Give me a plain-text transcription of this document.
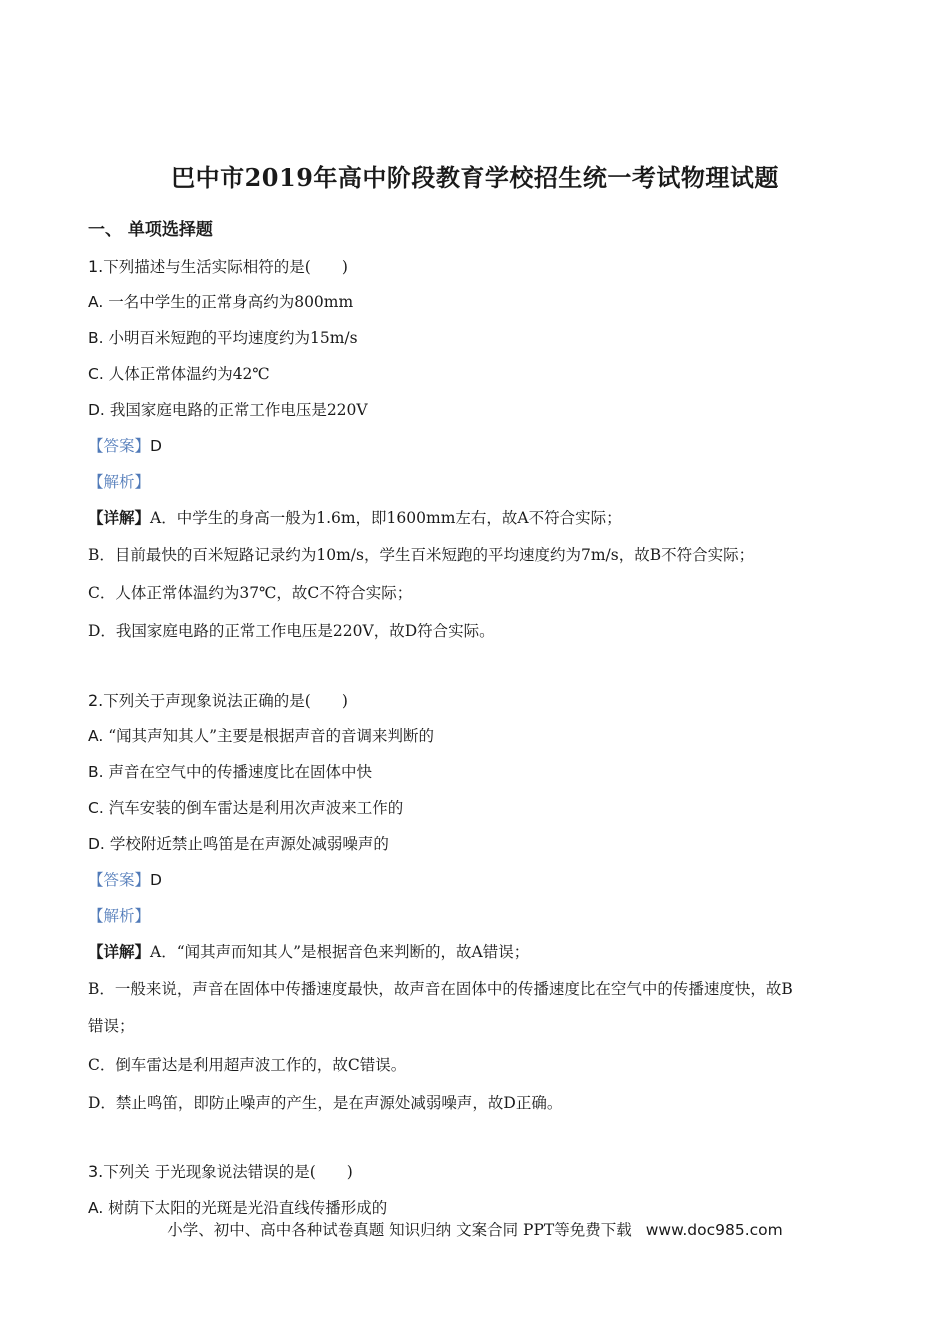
巴中市2019年高中阶段教育学校招生统一考试物理试题
一、 单项选择题
1.下列描述与生活实际相符的是(　　)
A. 一名中学生的正常身高约为800mm
B. 小明百米短跑的平均速度约为15m/s
C. 人体正常体温约为42℃
D. 我国家庭电路的正常工作电压是220V
【答案】D
【解析】
【详解】A．中学生的身高一般为1.6m，即1600mm左右，故A不符合实际；
B．目前最快的百米短路记录约为10m/s，学生百米短跑的平均速度约为7m/s，故B不符合实际；
C．人体正常体温约为37℃，故C不符合实际；
D．我国家庭电路的正常工作电压是220V，故D符合实际。
2.下列关于声现象说法正确的是(　　)
A. “闻其声知其人”主要是根据声音的音调来判断的
B. 声音在空气中的传播速度比在固体中快
C. 汽车安装的倒车雷达是利用次声波来工作的
D. 学校附近禁止鸣笛是在声源处减弱噪声的
【答案】D
【解析】
【详解】A．“闻其声而知其人”是根据音色来判断的，故A错误；
B．一般来说，声音在固体中传播速度最快，故声音在固体中的传播速度比在空气中的传播速度快，故B
错误；
C．倒车雷达是利用超声波工作的，故C错误。
D．禁止鸣笛，即防止噪声的产生，是在声源处减弱噪声，故D正确。
3.下列关 于光现象说法错误的是(　　)
A. 树荫下太阳的光斑是光沿直线传播形成的
小学、初中、高中各种试卷真题 知识归纳 文案合同 PPT等免费下载 www.doc985.com
